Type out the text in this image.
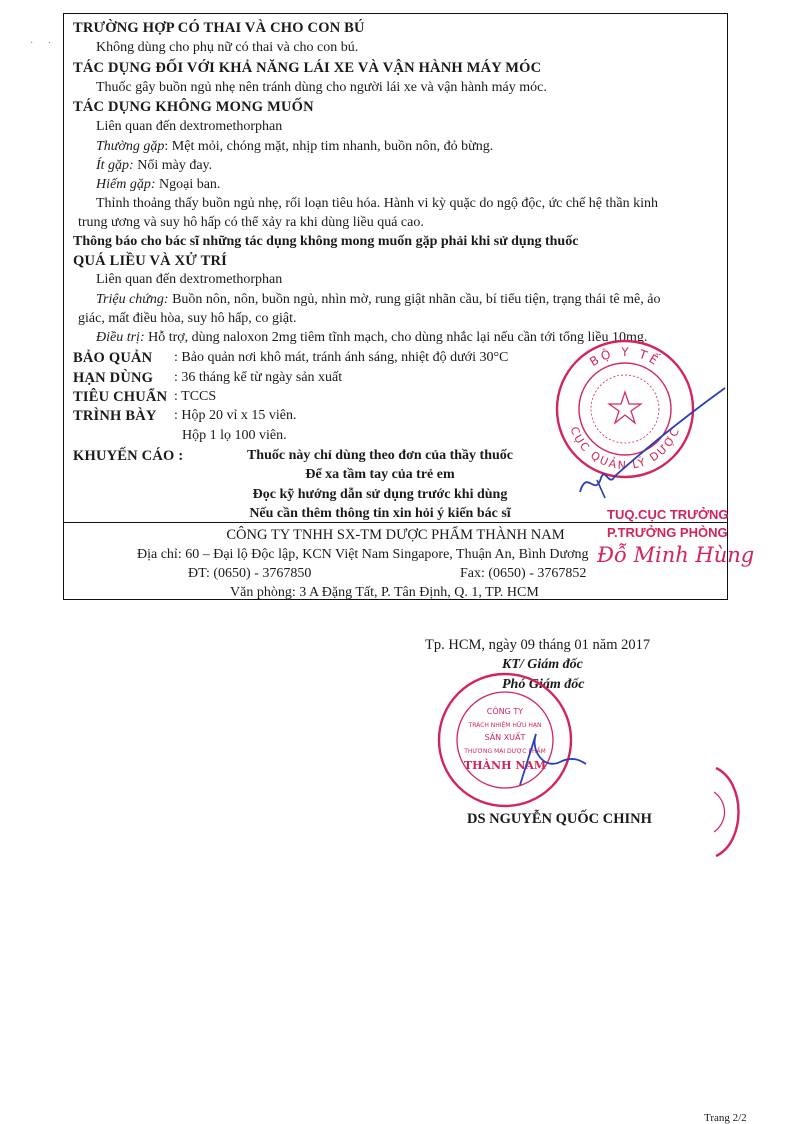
· ·
TRƯỜNG HỢP CÓ THAI VÀ CHO CON BÚ
Không dùng cho phụ nữ có thai và cho con bú.
TÁC DỤNG ĐỐI VỚI KHẢ NĂNG LÁI XE VÀ VẬN HÀNH MÁY MÓC
Thuốc gây buồn ngủ nhẹ nên tránh dùng cho người lái xe và vận hành máy móc.
TÁC DỤNG KHÔNG MONG MUỐN
Liên quan đến dextromethorphan
Thường gặp: Mệt mỏi, chóng mặt, nhịp tim nhanh, buồn nôn, đỏ bừng.
Ít gặp: Nổi mày đay.
Hiếm gặp: Ngoại ban.
Thỉnh thoảng thấy buồn ngủ nhẹ, rối loạn tiêu hóa. Hành vi kỳ quặc do ngộ độc, ức chế hệ thần kinh
trung ương và suy hô hấp có thể xảy ra khi dùng liều quá cao.
Thông báo cho bác sĩ những tác dụng không mong muốn gặp phải khi sử dụng thuốc
QUÁ LIỀU VÀ XỬ TRÍ
Liên quan đến dextromethorphan
Triệu chứng: Buồn nôn, nôn, buồn ngủ, nhìn mờ, rung giật nhãn cầu, bí tiểu tiện, trạng thái tê mê, ảo
giác, mất điều hòa, suy hô hấp, co giật.
Điều trị: Hỗ trợ, dùng naloxon 2mg tiêm tĩnh mạch, cho dùng nhắc lại nếu cần tới tổng liều 10mg.
BẢO QUẢN : Bảo quản nơi khô mát, tránh ánh sáng, nhiệt độ dưới 30°C
HẠN DÙNG : 36 tháng kể từ ngày sản xuất
TIÊU CHUẨN : TCCS
TRÌNH BÀY : Hộp 20 vỉ x 15 viên.
Hộp 1 lọ 100 viên.
KHUYẾN CÁO :	Thuốc này chỉ dùng theo đơn của thầy thuốc
Để xa tầm tay của trẻ em
Đọc kỹ hướng dẫn sử dụng trước khi dùng
Nếu cần thêm thông tin xin hỏi ý kiến bác sĩ
CÔNG TY TNHH SX-TM DƯỢC PHẨM THÀNH NAM
Địa chỉ: 60 – Đại lộ Độc lập, KCN Việt Nam Singapore, Thuận An, Bình Dương
ĐT: (0650) - 3767850	Fax: (0650) - 3767852
Văn phòng: 3 A Đặng Tất, P. Tân Định, Q. 1, TP. HCM
BỘ Y TẾ
CỤC QUẢN LÝ DƯỢC
TUQ.CỤC TRƯỞNG
P.TRƯỞNG PHÒNG
Đỗ Minh Hùng
Tp. HCM, ngày 09 tháng 01 năm 2017
KT/ Giám đốc
Phó Giám đốc
CÔNG TY
TRÁCH NHIỆM HỮU HẠN
SẢN XUẤT
THƯƠNG MẠI DƯỢC PHẨM
THÀNH NAM
DS NGUYỄN QUỐC CHINH
Trang 2/2
